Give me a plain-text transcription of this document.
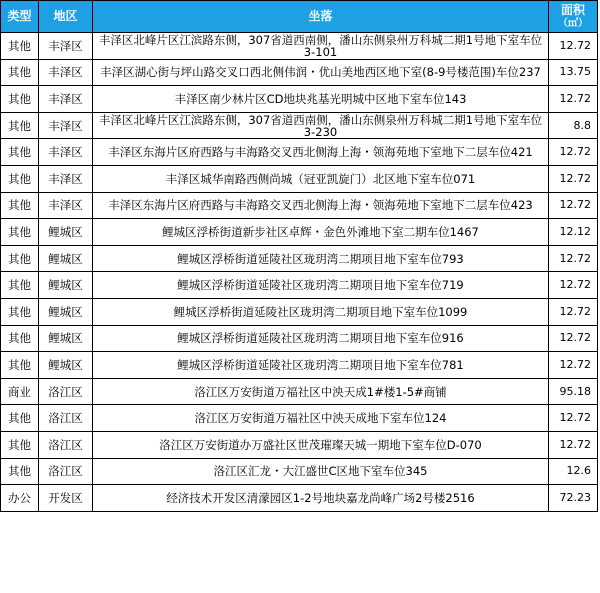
类型	地区	坐落	面积
（㎡）

其他	丰泽区	丰泽区北峰片区江滨路东侧，307省道西南侧，潘山东侧泉州万科城二期1号地下室车位3-101	12.72
其他	丰泽区	丰泽区湖心街与坪山路交叉口西北侧伟润・优山美地西区地下室(8-9号楼范围)车位237	13.75
其他	丰泽区	丰泽区南少林片区CD地块兆基光明城中区地下室车位143	12.72
其他	丰泽区	丰泽区北峰片区江滨路东侧，307省道西南侧，潘山东侧泉州万科城二期1号地下室车位3-230	8.8
其他	丰泽区	丰泽区东海片区府西路与丰海路交叉西北侧海上海・领海苑地下室地下二层车位421	12.72
其他	丰泽区	丰泽区城华南路西侧尚城（冠亚凯旋门）北区地下室车位071	12.72
其他	丰泽区	丰泽区东海片区府西路与丰海路交叉西北侧海上海・领海苑地下室地下二层车位423	12.72
其他	鲤城区	鲤城区浮桥街道新步社区卓辉・金色外滩地下室二期车位1467	12.12
其他	鲤城区	鲤城区浮桥街道延陵社区珑玥湾二期项目地下室车位793	12.72
其他	鲤城区	鲤城区浮桥街道延陵社区珑玥湾二期项目地下室车位719	12.72
其他	鲤城区	鲤城区浮桥街道延陵社区珑玥湾二期项目地下室车位1099	12.72
其他	鲤城区	鲤城区浮桥街道延陵社区珑玥湾二期项目地下室车位916	12.72
其他	鲤城区	鲤城区浮桥街道延陵社区珑玥湾二期项目地下室车位781	12.72
商业	洛江区	洛江区万安街道万福社区中泱天成1#楼1-5#商铺	95.18
其他	洛江区	洛江区万安街道万福社区中泱天成地下室车位124	12.72
其他	洛江区	洛江区万安街道办万盛社区世茂璀璨天城一期地下室车位D-070	12.72
其他	洛江区	洛江区汇龙・大江盛世C区地下室车位345	12.6
办公	开发区	经济技术开发区清濛园区1-2号地块嘉龙尚峰广场2号楼2516	72.23
